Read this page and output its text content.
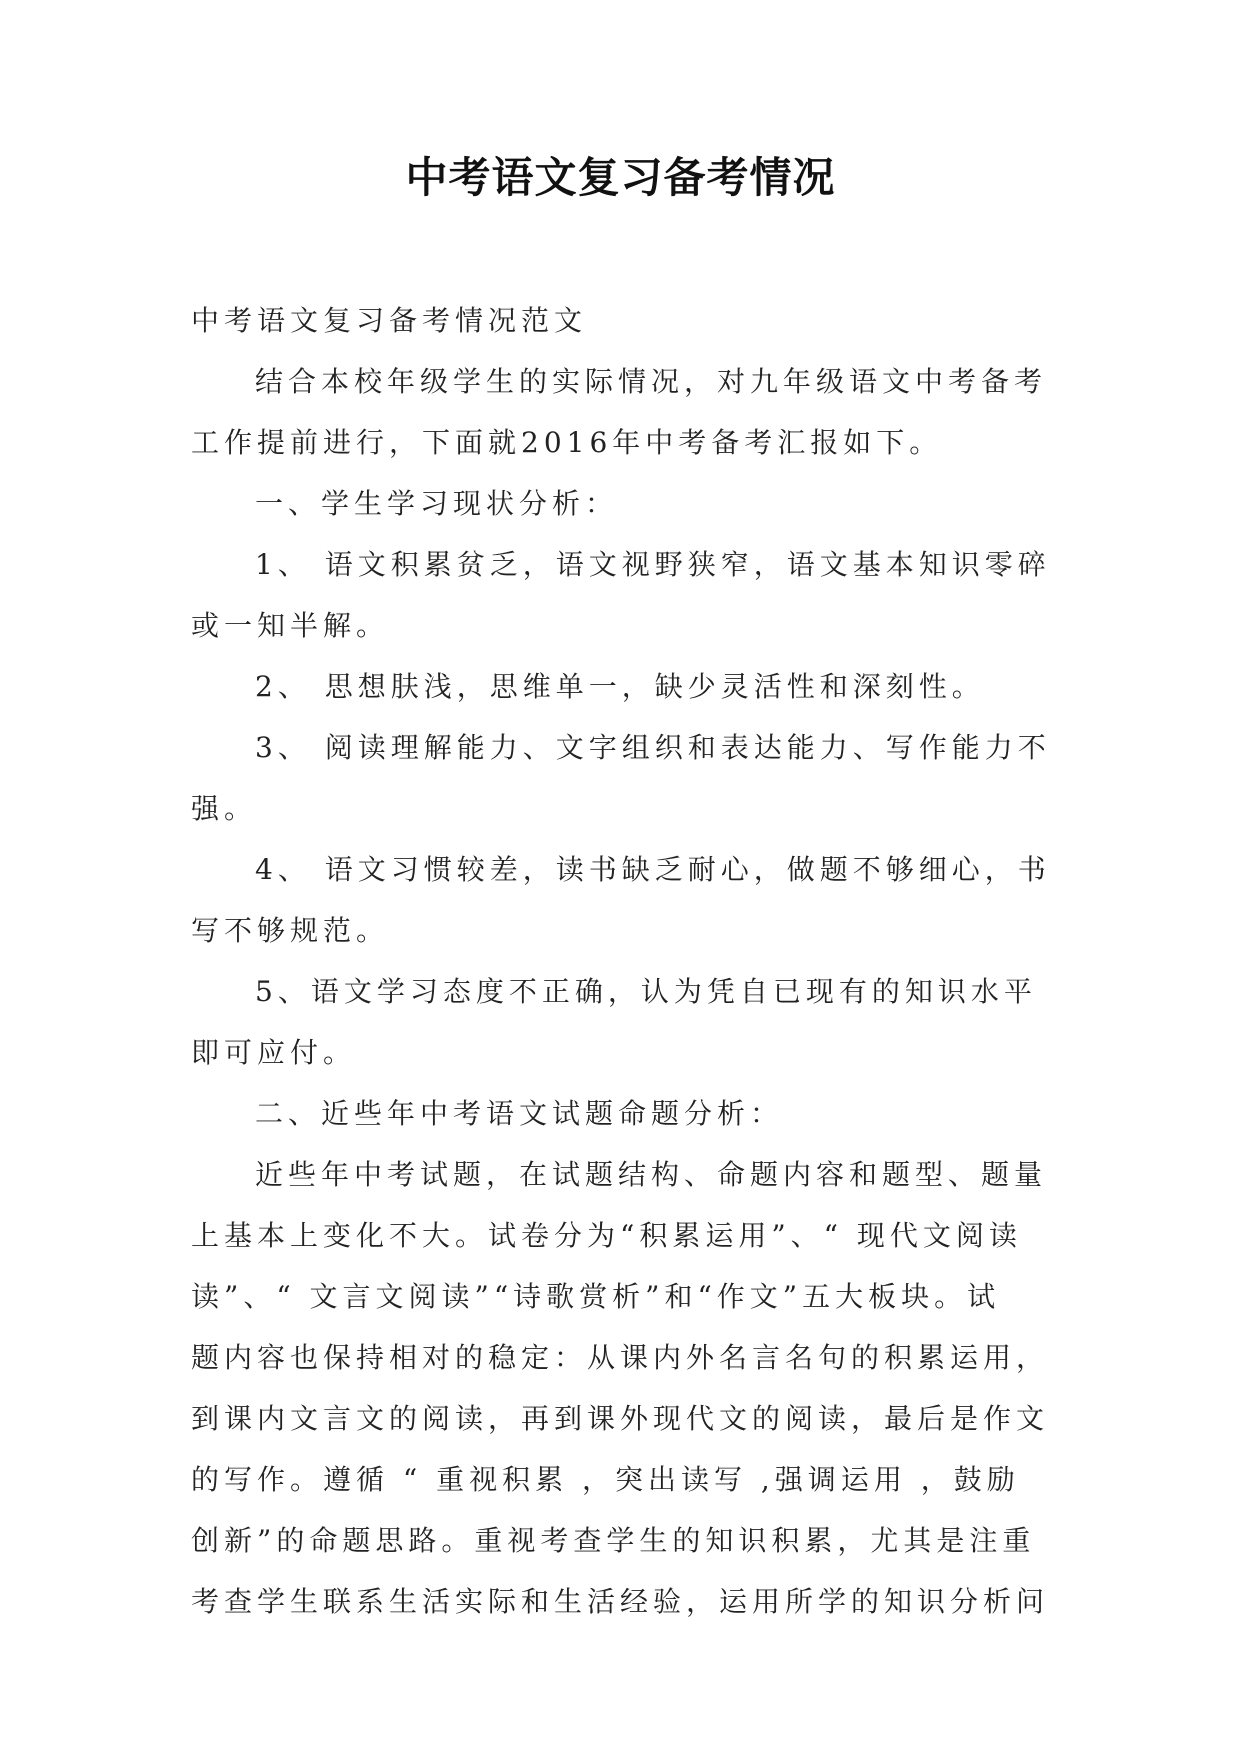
中考语文复习备考情况

中考语文复习备考情况范文

结合本校年级学生的实际情况，对九年级语文中考备考

工作提前进行，下面就2016年中考备考汇报如下。

一、学生学习现状分析：

1、 语文积累贫乏，语文视野狭窄，语文基本知识零碎

或一知半解。

2、 思想肤浅，思维单一，缺少灵活性和深刻性。

3、 阅读理解能力、文字组织和表达能力、写作能力不

强。

4、 语文习惯较差，读书缺乏耐心，做题不够细心，书

写不够规范。

5、语文学习态度不正确，认为凭自已现有的知识水平

即可应付。

二、近些年中考语文试题命题分析：

近些年中考试题，在试题结构、命题内容和题型、题量

上基本上变化不大。试卷分为“积累运用”、“ 现代文阅读

读”、“ 文言文阅读”“诗歌赏析”和“作文”五大板块。试

题内容也保持相对的稳定：从课内外名言名句的积累运用，

到课内文言文的阅读，再到课外现代文的阅读，最后是作文

的写作。遵循 “ 重视积累 ，突出读写 ,强调运用 ，鼓励

创新”的命题思路。重视考查学生的知识积累，尤其是注重

考查学生联系生活实际和生活经验，运用所学的知识分析问
